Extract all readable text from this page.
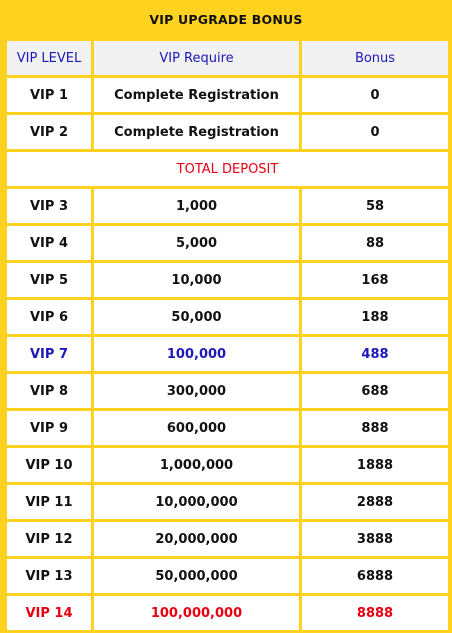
VIP UPGRADE BONUS
VIP LEVEL	VIP Require	Bonus
VIP 1	Complete Registration	0
VIP 2	Complete Registration	0
TOTAL DEPOSIT		
VIP 3	1,000	58
VIP 4	5,000	88
VIP 5	10,000	168
VIP 6	50,000	188
VIP 7	100,000	488
VIP 8	300,000	688
VIP 9	600,000	888
VIP 10	1,000,000	1888
VIP 11	10,000,000	2888
VIP 12	20,000,000	3888
VIP 13	50,000,000	6888
VIP 14	100,000,000	8888
